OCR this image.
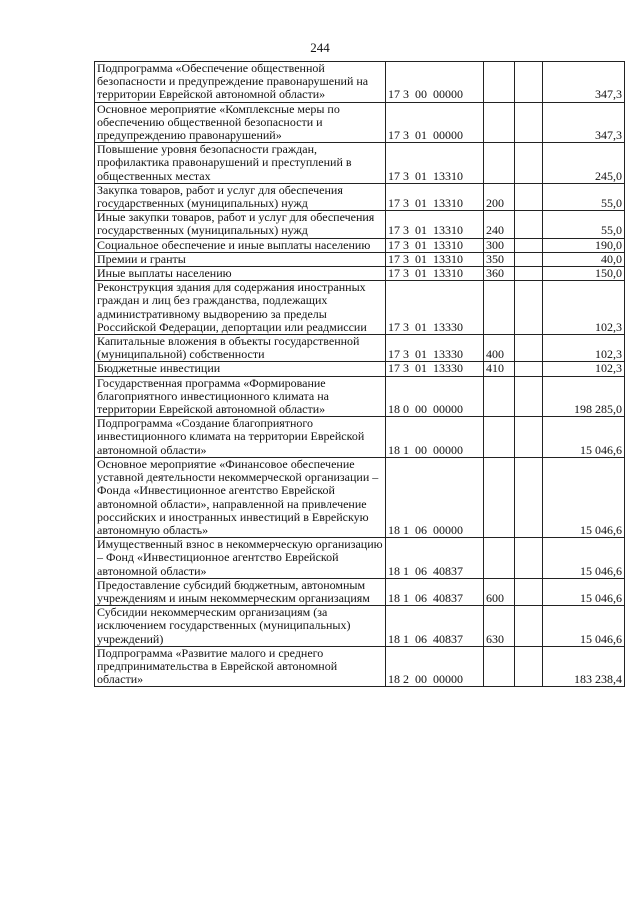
244
Подпрограмма «Обеспечение общественной безопасности и предупреждение правонарушений на территории Еврейской автономной области»	17 3  00  00000			347,3
Основное мероприятие «Комплексные меры по обеспечению общественной безопасности и предупреждению правонарушений»	17 3  01  00000			347,3
Повышение уровня безопасности граждан, профилактика правонарушений и преступлений в общественных местах	17 3  01  13310			245,0
Закупка товаров, работ и услуг для обеспечения государственных (муниципальных) нужд	17 3  01  13310	200		55,0
Иные закупки товаров, работ и услуг для обеспечения государственных (муниципальных) нужд	17 3  01  13310	240		55,0
Социальное обеспечение и иные выплаты населению	17 3  01  13310	300		190,0
Премии и гранты	17 3  01  13310	350		40,0
Иные выплаты населению	17 3  01  13310	360		150,0
Реконструкция здания для содержания иностранных граждан и лиц без гражданства, подлежащих административному выдворению за пределы Российской Федерации, депортации или реадмиссии	17 3  01  13330			102,3
Капитальные вложения в объекты государственной (муниципальной) собственности	17 3  01  13330	400		102,3
Бюджетные инвестиции	17 3  01  13330	410		102,3
Государственная программа «Формирование благоприятного инвестиционного климата на территории Еврейской автономной области»	18 0  00  00000			198 285,0
Подпрограмма «Создание благоприятного инвестиционного климата на территории Еврейской автономной области»	18 1  00  00000			15 046,6
Основное мероприятие «Финансовое обеспечение уставной деятельности некоммерческой организации – Фонда «Инвестиционное агентство Еврейской автономной области», направленной на привлечение российских и иностранных инвестиций в Еврейскую автономную область»	18 1  06  00000			15 046,6
Имущественный взнос в некоммерческую организацию – Фонд «Инвестиционное агентство Еврейской автономной области»	18 1  06  40837			15 046,6
Предоставление субсидий бюджетным, автономным учреждениям и иным некоммерческим организациям	18 1  06  40837	600		15 046,6
Субсидии некоммерческим организациям (за исключением государственных (муниципальных) учреждений)	18 1  06  40837	630		15 046,6
Подпрограмма «Развитие малого и среднего предпринимательства в Еврейской автономной области»	18 2  00  00000			183 238,4
